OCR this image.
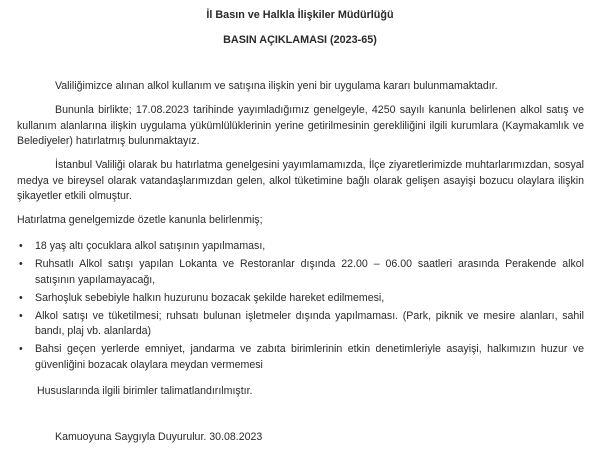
İl Basın ve Halkla İlişkiler Müdürlüğü
BASIN AÇIKLAMASI (2023-65)

Valiliğimizce alınan alkol kullanım ve satışına ilişkin yeni bir uygulama kararı bulunmamaktadır.

Bununla birlikte; 17.08.2023 tarihinde yayımladığımız genelgeyle, 4250 sayılı kanunla belirlenen alkol satış ve kullanım alanlarına ilişkin uygulama yükümlülüklerinin yerine getirilmesinin gerekliliğini ilgili kurumlara (Kaymakamlık ve Belediyeler) hatırlatmış bulunmaktayız.

İstanbul Valiliği olarak bu hatırlatma genelgesini yayımlamamızda, İlçe ziyaretlerimizde muhtarlarımızdan, sosyal medya ve bireysel olarak vatandaşlarımızdan gelen, alkol tüketimine bağlı olarak gelişen asayişi bozucu olaylara ilişkin şikayetler etkili olmuştur.

Hatırlatma genelgemizde özetle kanunla belirlenmiş;

• 18 yaş altı çocuklara alkol satışının yapılmaması,
• Ruhsatlı Alkol satışı yapılan Lokanta ve Restoranlar dışında 22.00 – 06.00 saatleri arasında Perakende alkol satışının yapılamayacağı,
• Sarhoşluk sebebiyle halkın huzurunu bozacak şekilde hareket edilmemesi,
• Alkol satışı ve tüketilmesi; ruhsatı bulunan işletmeler dışında yapılmaması. (Park, piknik ve mesire alanları, sahil bandı, plaj vb. alanlarda)
• Bahsi geçen yerlerde emniyet, jandarma ve zabıta birimlerinin etkin denetimleriyle asayişi, halkımızın huzur ve güvenliğini bozacak olaylara meydan vermemesi

Hususlarında ilgili birimler talimatlandırılmıştır.

Kamuoyuna Saygıyla Duyurulur. 30.08.2023
